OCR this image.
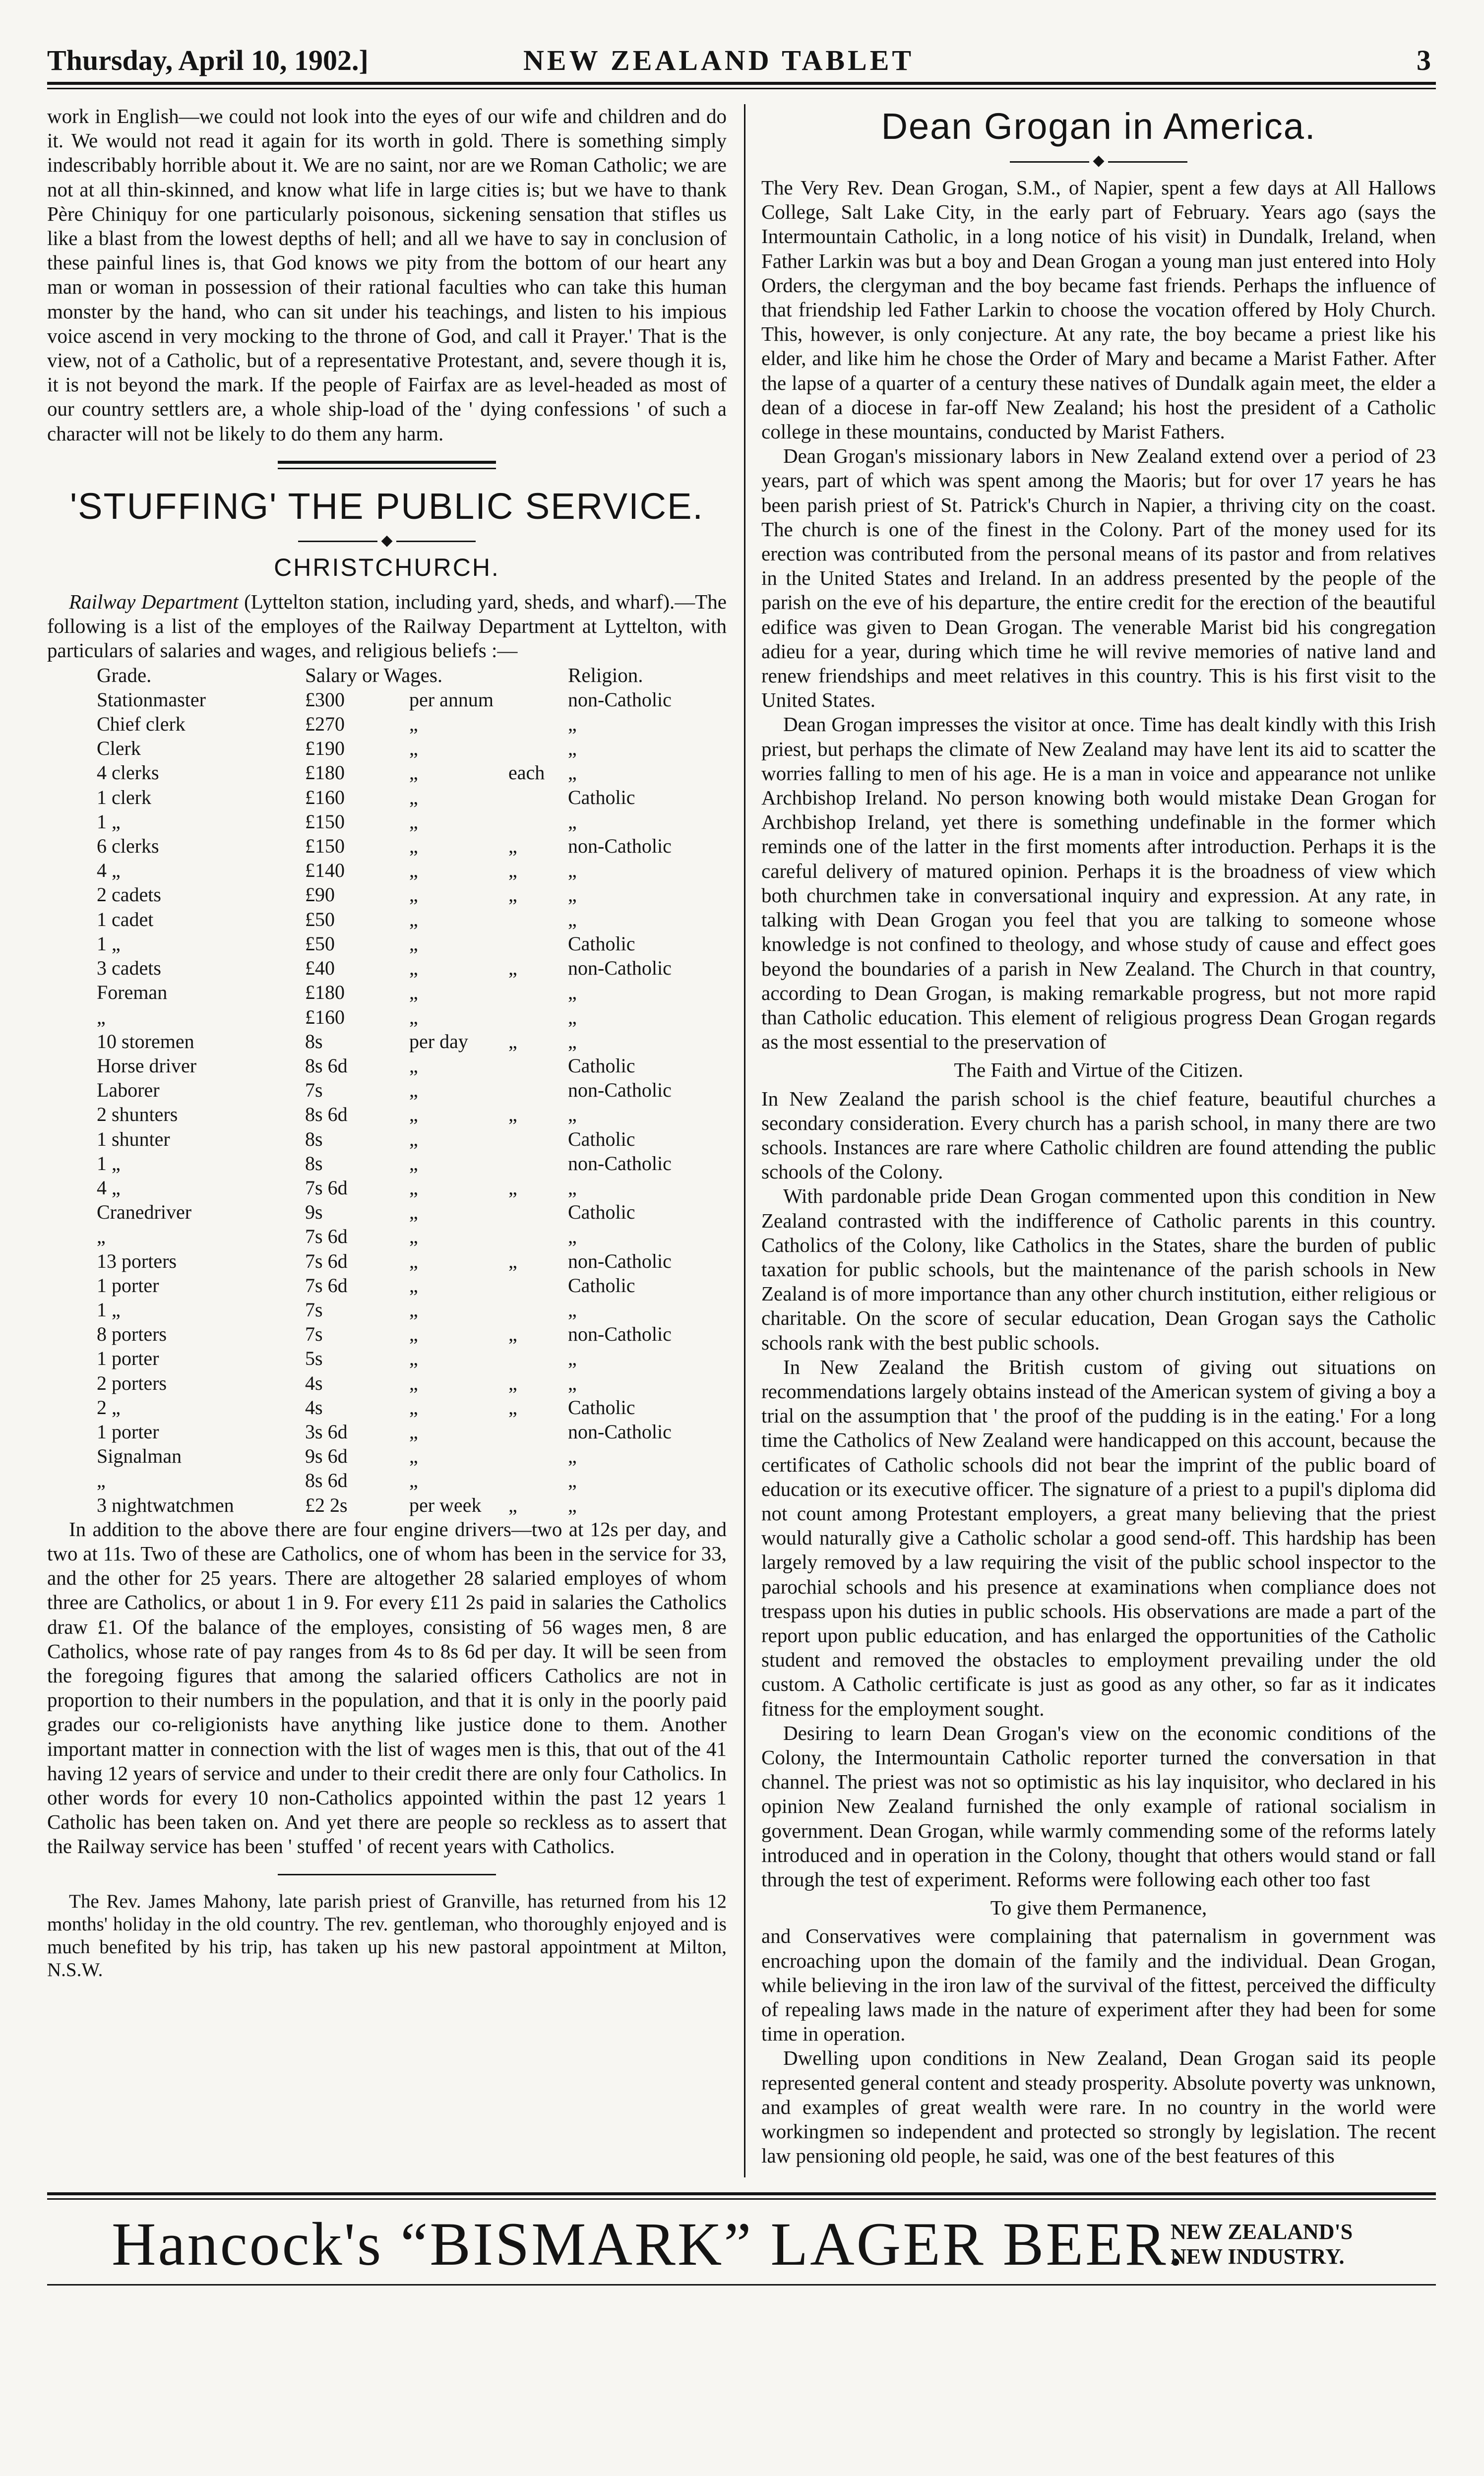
Thursday, April 10, 1902.]	NEW ZEALAND TABLET	3

work in English—we could not look into the eyes of our wife and children and do it. We would not read it again for its worth in gold. There is something simply indescribably horrible about it. We are no saint, nor are we Roman Catholic; we are not at all thin-skinned, and know what life in large cities is; but we have to thank Père Chiniquy for one particularly poisonous, sickening sensation that stifles us like a blast from the lowest depths of hell; and all we have to say in conclusion of these painful lines is, that God knows we pity from the bottom of our heart any man or woman in possession of their rational faculties who can take this human monster by the hand, who can sit under his teachings, and listen to his impious voice ascend in very mocking to the throne of God, and call it Prayer.' That is the view, not of a Catholic, but of a representative Protestant, and, severe though it is, it is not beyond the mark. If the people of Fairfax are as level-headed as most of our country settlers are, a whole ship-load of the ' dying confessions ' of such a character will not be likely to do them any harm.

'STUFFING' THE PUBLIC SERVICE.
◆
CHRISTCHURCH.

Railway Department (Lyttelton station, including yard, sheds, and wharf).—The following is a list of the employes of the Railway Department at Lyttelton, with particulars of salaries and wages, and religious beliefs :—

Grade.	Salary or Wages.			Religion.
Stationmaster	£300	per annum		non-Catholic
Chief clerk	£270	„		„
Clerk	£190	„		„
4 clerks	£180	„	each	„
1 clerk	£160	„		Catholic
1 „	£150	„		„
6 clerks	£150	„	„	non-Catholic
4 „	£140	„	„	„
2 cadets	£90	„	„	„
1 cadet	£50	„		„
1 „	£50	„		Catholic
3 cadets	£40	„	„	non-Catholic
Foreman	£180	„		„
„	£160	„		„
10 storemen	8s	per day	„	„
Horse driver	8s 6d	„		Catholic
Laborer	7s	„		non-Catholic
2 shunters	8s 6d	„	„	„
1 shunter	8s	„		Catholic
1 „	8s	„		non-Catholic
4 „	7s 6d	„	„	„
Cranedriver	9s	„		Catholic
„	7s 6d	„		„
13 porters	7s 6d	„	„	non-Catholic
1 porter	7s 6d	„		Catholic
1 „	7s	„		„
8 porters	7s	„	„	non-Catholic
1 porter	5s	„		„
2 porters	4s	„	„	„
2 „	4s	„	„	Catholic
1 porter	3s 6d	„		non-Catholic
Signalman	9s 6d	„		„
„	8s 6d	„		„
3 nightwatchmen	£2 2s	per week	„	„

In addition to the above there are four engine drivers—two at 12s per day, and two at 11s. Two of these are Catholics, one of whom has been in the service for 33, and the other for 25 years. There are altogether 28 salaried employes of whom three are Catholics, or about 1 in 9. For every £11 2s paid in salaries the Catholics draw £1. Of the balance of the employes, consisting of 56 wages men, 8 are Catholics, whose rate of pay ranges from 4s to 8s 6d per day. It will be seen from the foregoing figures that among the salaried officers Catholics are not in proportion to their numbers in the population, and that it is only in the poorly paid grades our co-religionists have anything like justice done to them. Another important matter in connection with the list of wages men is this, that out of the 41 having 12 years of service and under to their credit there are only four Catholics. In other words for every 10 non-Catholics appointed within the past 12 years 1 Catholic has been taken on. And yet there are people so reckless as to assert that the Railway service has been ' stuffed ' of recent years with Catholics.

The Rev. James Mahony, late parish priest of Granville, has returned from his 12 months' holiday in the old country. The rev. gentleman, who thoroughly enjoyed and is much benefited by his trip, has taken up his new pastoral appointment at Milton, N.S.W.

Dean Grogan in America.
◆

The Very Rev. Dean Grogan, S.M., of Napier, spent a few days at All Hallows College, Salt Lake City, in the early part of February. Years ago (says the Intermountain Catholic, in a long notice of his visit) in Dundalk, Ireland, when Father Larkin was but a boy and Dean Grogan a young man just entered into Holy Orders, the clergyman and the boy became fast friends. Perhaps the influence of that friendship led Father Larkin to choose the vocation offered by Holy Church. This, however, is only conjecture. At any rate, the boy became a priest like his elder, and like him he chose the Order of Mary and became a Marist Father. After the lapse of a quarter of a century these natives of Dundalk again meet, the elder a dean of a diocese in far-off New Zealand; his host the president of a Catholic college in these mountains, conducted by Marist Fathers.

Dean Grogan's missionary labors in New Zealand extend over a period of 23 years, part of which was spent among the Maoris; but for over 17 years he has been parish priest of St. Patrick's Church in Napier, a thriving city on the coast. The church is one of the finest in the Colony. Part of the money used for its erection was contributed from the personal means of its pastor and from relatives in the United States and Ireland. In an address presented by the people of the parish on the eve of his departure, the entire credit for the erection of the beautiful edifice was given to Dean Grogan. The venerable Marist bid his congregation adieu for a year, during which time he will revive memories of native land and renew friendships and meet relatives in this country. This is his first visit to the United States.

Dean Grogan impresses the visitor at once. Time has dealt kindly with this Irish priest, but perhaps the climate of New Zealand may have lent its aid to scatter the worries falling to men of his age. He is a man in voice and appearance not unlike Archbishop Ireland. No person knowing both would mistake Dean Grogan for Archbishop Ireland, yet there is something undefinable in the former which reminds one of the latter in the first moments after introduction. Perhaps it is the careful delivery of matured opinion. Perhaps it is the broadness of view which both churchmen take in conversational inquiry and expression. At any rate, in talking with Dean Grogan you feel that you are talking to someone whose knowledge is not confined to theology, and whose study of cause and effect goes beyond the boundaries of a parish in New Zealand. The Church in that country, according to Dean Grogan, is making remarkable progress, but not more rapid than Catholic education. This element of religious progress Dean Grogan regards as the most essential to the preservation of

The Faith and Virtue of the Citizen.

In New Zealand the parish school is the chief feature, beautiful churches a secondary consideration. Every church has a parish school, in many there are two schools. Instances are rare where Catholic children are found attending the public schools of the Colony.

With pardonable pride Dean Grogan commented upon this condition in New Zealand contrasted with the indifference of Catholic parents in this country. Catholics of the Colony, like Catholics in the States, share the burden of public taxation for public schools, but the maintenance of the parish schools in New Zealand is of more importance than any other church institution, either religious or charitable. On the score of secular education, Dean Grogan says the Catholic schools rank with the best public schools.

In New Zealand the British custom of giving out situations on recommendations largely obtains instead of the American system of giving a boy a trial on the assumption that ' the proof of the pudding is in the eating.' For a long time the Catholics of New Zealand were handicapped on this account, because the certificates of Catholic schools did not bear the imprint of the public board of education or its executive officer. The signature of a priest to a pupil's diploma did not count among Protestant employers, a great many believing that the priest would naturally give a Catholic scholar a good send-off. This hardship has been largely removed by a law requiring the visit of the public school inspector to the parochial schools and his presence at examinations when compliance does not trespass upon his duties in public schools. His observations are made a part of the report upon public education, and has enlarged the opportunities of the Catholic student and removed the obstacles to employment prevailing under the old custom. A Catholic certificate is just as good as any other, so far as it indicates fitness for the employment sought.

Desiring to learn Dean Grogan's view on the economic conditions of the Colony, the Intermountain Catholic reporter turned the conversation in that channel. The priest was not so optimistic as his lay inquisitor, who declared in his opinion New Zealand furnished the only example of rational socialism in government. Dean Grogan, while warmly commending some of the reforms lately introduced and in operation in the Colony, thought that others would stand or fall through the test of experiment. Reforms were following each other too fast

To give them Permanence,

and Conservatives were complaining that paternalism in government was encroaching upon the domain of the family and the individual. Dean Grogan, while believing in the iron law of the survival of the fittest, perceived the difficulty of repealing laws made in the nature of experiment after they had been for some time in operation.

Dwelling upon conditions in New Zealand, Dean Grogan said its people represented general content and steady prosperity. Absolute poverty was unknown, and examples of great wealth were rare. In no country in the world were workingmen so independent and protected so strongly by legislation. The recent law pensioning old people, he said, was one of the best features of this

Hancock's “BISMARK” LAGER BEER.
NEW ZEALAND'S
NEW INDUSTRY.
